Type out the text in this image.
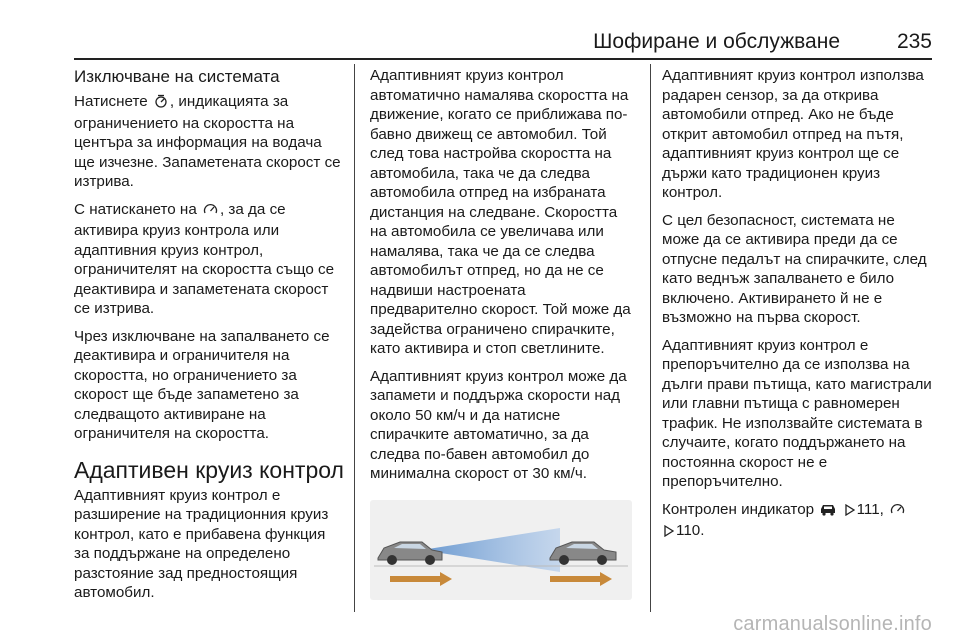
Шофиране и обслужване	235
Изключване на системата

Натиснете , индикацията за ограничението на скоростта на центъра за информация на водача ще изчезне. Запаметената скорост се изтрива.

С натискането на , за да се активира круиз контрола или адаптивния круиз контрол, ограничителят на скоростта също се деактивира и запаметената скорост се изтрива.

Чрез изключване на запалването се деактивира и ограничителя на скоростта, но ограничението за скорост ще бъде запаметено за следващото активиране на ограничителя на скоростта.

Адаптивен круиз контрол

Адаптивният круиз контрол е разширение на традиционния круиз контрол, като е прибавена функция за поддържане на определено разстояние зад предностоящия автомобил.

Адаптивният круиз контрол автоматично намалява скоростта на движение, когато се приближава по-бавно движещ се автомобил. Той след това настройва скоростта на автомобила, така че да следва автомобила отпред на избраната дистанция на следване. Скоростта на автомобила се увеличава или намалява, така че да се следва автомобилът отпред, но да не се надвиши настроената предварително скорост. Той може да задейства ограничено спирачките, като активира и стоп светлините.

Адаптивният круиз контрол може да запамети и поддържа скорости над около 50 км/ч и да натисне спирачките автоматично, за да следва по-бавен автомобил до минимална скорост от 30 км/ч.

Адаптивният круиз контрол използва радарен сензор, за да открива автомобили отпред. Ако не бъде открит автомобил отпред на пътя, адаптивният круиз контрол ще се държи като традиционен круиз контрол.

С цел безопасност, системата не може да се активира преди да се отпусне педалът на спирачките, след като веднъж запалването е било включено. Активирането й не е възможно на първа скорост.

Адаптивният круиз контрол е препоръчително да се използва на дълги прави пътища, като магистрали или главни пътища с равномерен трафик. Не използвайте системата в случаите, когато поддържането на постоянна скорост не е препоръчително.

Контролен индикатор	111,
110.

carmanualsonline.info
